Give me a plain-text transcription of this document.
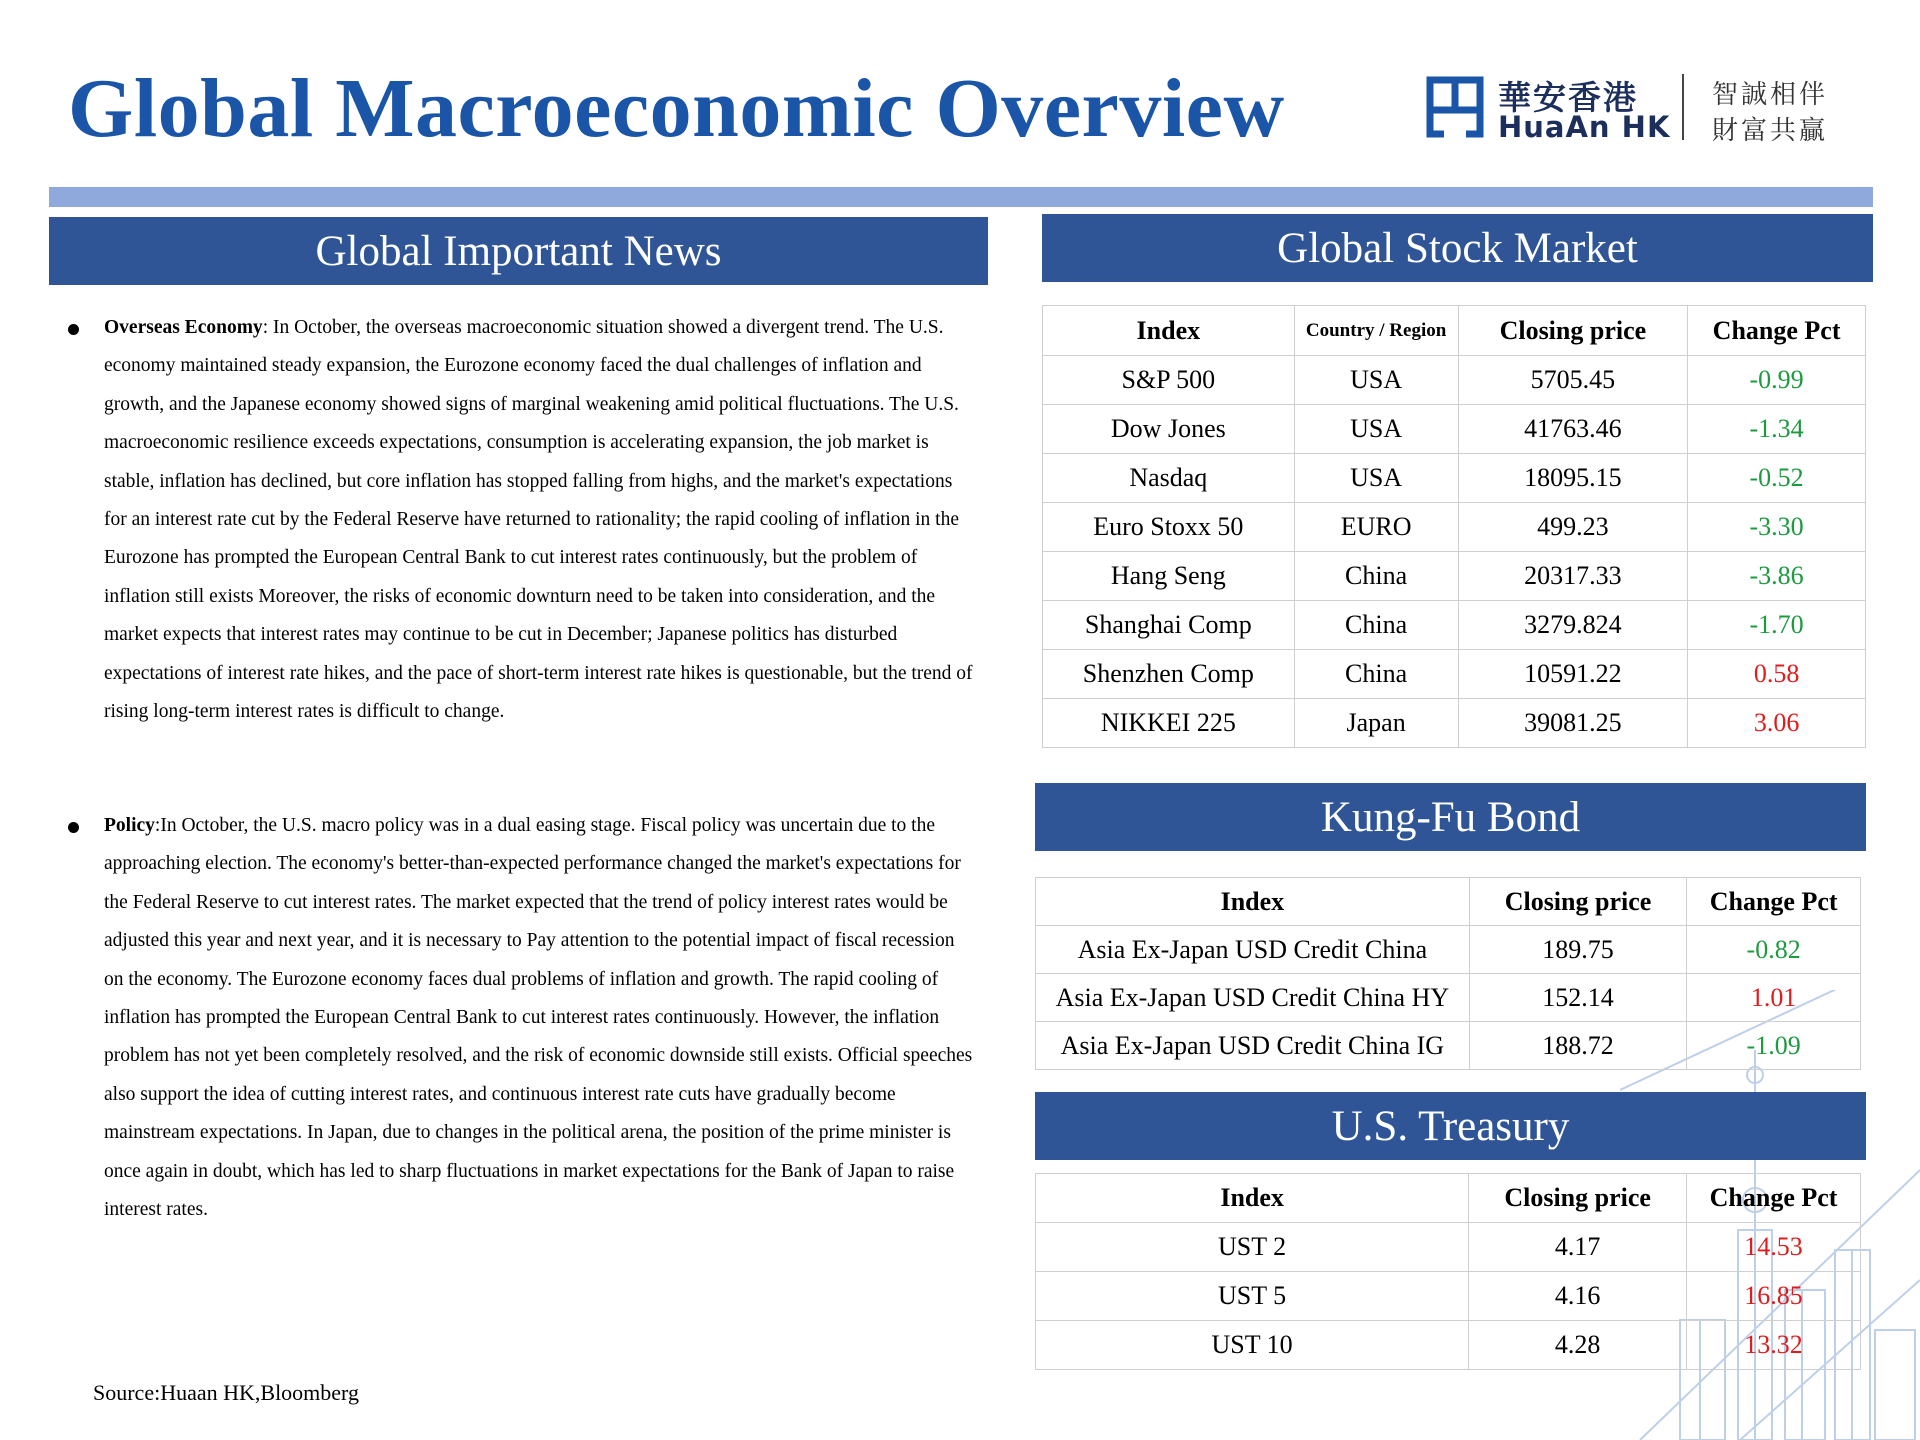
Global Macroeconomic Overview	華安香港
HuaAn HK
智誠相伴
財富共贏
Global Important News

Overseas Economy: In October, the overseas macroeconomic situation showed a divergent trend. The U.S. economy maintained steady expansion, the Eurozone economy faced the dual challenges of inflation and growth, and the Japanese economy showed signs of marginal weakening amid political fluctuations. The U.S. macroeconomic resilience exceeds expectations, consumption is accelerating expansion, the job market is stable, inflation has declined, but core inflation has stopped falling from highs, and the market's expectations for an interest rate cut by the Federal Reserve have returned to rationality; the rapid cooling of inflation in the Eurozone has prompted the European Central Bank to cut interest rates continuously, but the problem of inflation still exists Moreover, the risks of economic downturn need to be taken into consideration, and the market expects that interest rates may continue to be cut in December; Japanese politics has disturbed expectations of interest rate hikes, and the pace of short-term interest rate hikes is questionable, but the trend of rising long-term interest rates is difficult to change.

Policy:In October, the U.S. macro policy was in a dual easing stage. Fiscal policy was uncertain due to the approaching election. The economy's better-than-expected performance changed the market's expectations for the Federal Reserve to cut interest rates. The market expected that the trend of policy interest rates would be adjusted this year and next year, and it is necessary to Pay attention to the potential impact of fiscal recession on the economy. The Eurozone economy faces dual problems of inflation and growth. The rapid cooling of inflation has prompted the European Central Bank to cut interest rates continuously. However, the inflation problem has not yet been completely resolved, and the risk of economic downside still exists. Official speeches also support the idea of cutting interest rates, and continuous interest rate cuts have gradually become mainstream expectations. In Japan, due to changes in the political arena, the position of the prime minister is once again in doubt, which has led to sharp fluctuations in market expectations for the Bank of Japan to raise interest rates.

Global Stock Market
Index	Country / Region	Closing price	Change Pct
S&P 500	USA	5705.45	-0.99
Dow Jones	USA	41763.46	-1.34
Nasdaq	USA	18095.15	-0.52
Euro Stoxx 50	EURO	499.23	-3.30
Hang Seng	China	20317.33	-3.86
Shanghai Comp	China	3279.824	-1.70
Shenzhen Comp	China	10591.22	0.58
NIKKEI 225	Japan	39081.25	3.06
Kung-Fu Bond
Index	Closing price	Change Pct
Asia Ex-Japan USD Credit China	189.75	-0.82
Asia Ex-Japan USD Credit China HY	152.14	1.01
Asia Ex-Japan USD Credit China IG	188.72	-1.09
U.S. Treasury
Index	Closing price	Change Pct
UST 2	4.17	14.53
UST 5	4.16	16.85
UST 10	4.28	13.32
Source:Huaan HK,Bloomberg
